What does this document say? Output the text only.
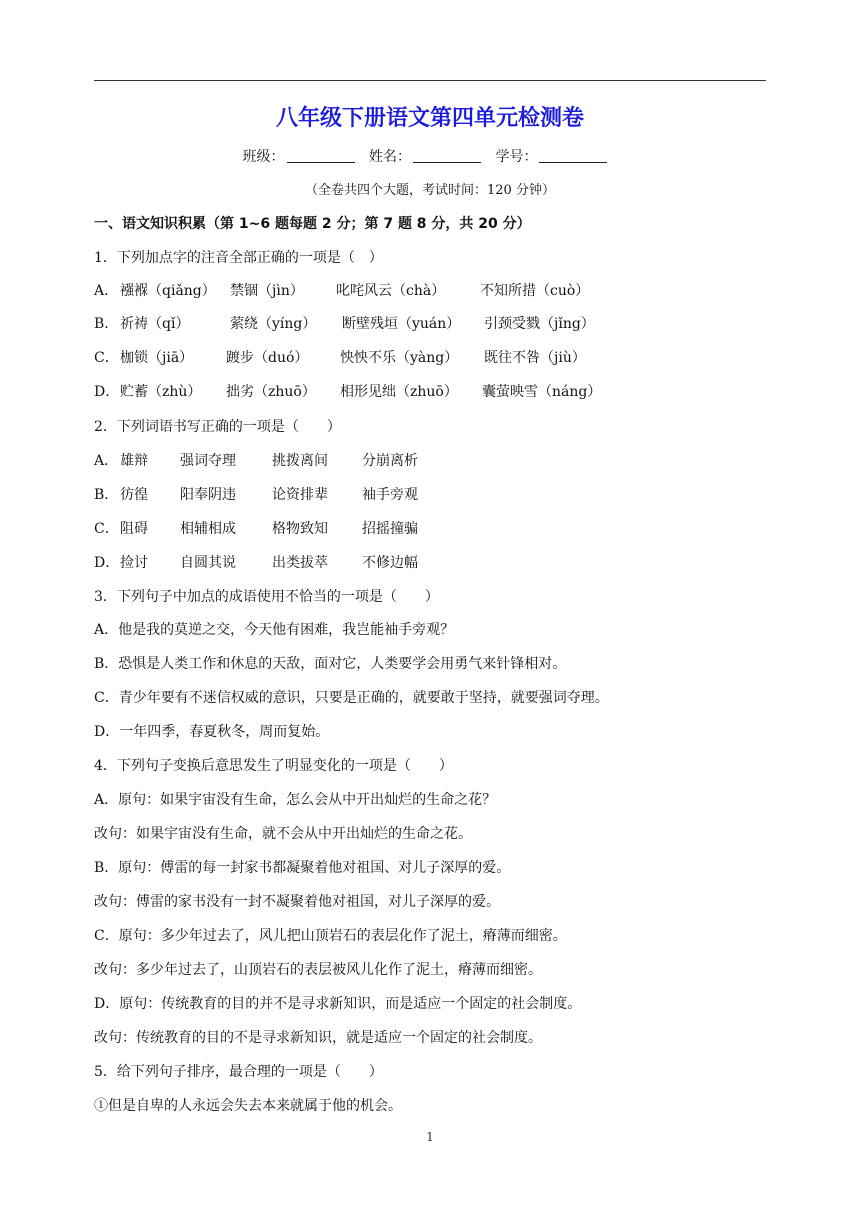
八年级下册语文第四单元检测卷
班级：	姓名：	学号：
（全卷共四个大题，考试时间：120 分钟）
一、语文知识积累（第 1~6 题每题 2 分；第 7 题 8 分，共 20 分）
1．下列加点字的注音全部正确的一项是（　）
A． 襁褓（qiǎng） 禁锢（jìn） 叱咤风云（chà） 不知所措（cuò）
B． 祈祷（qǐ）	萦绕（yíng） 断壁残垣（yuán） 引颈受戮（jǐng）
C． 枷锁（jiā） 踱步（duó） 怏怏不乐（yàng） 既往不咎（jiù）
D． 贮蓄（zhù） 拙劣（zhuō） 相形见绌（zhuō） 囊萤映雪（náng）
2．下列词语书写正确的一项是（　　）
A． 雄辩 强词夺理	挑拨离间 分崩离析
B． 彷徨 阳奉阴违	论资排辈 袖手旁观
C． 阻碍 相辅相成	格物致知 招摇撞骗
D． 捡讨 自圆其说	出类拔萃 不修边幅
3．下列句子中加点的成语使用不恰当的一项是（　　）
A．他是我的莫逆之交，今天他有困难，我岂能袖手旁观？
B．恐惧是人类工作和休息的天敌，面对它，人类要学会用勇气来针锋相对。
C．青少年要有不迷信权威的意识，只要是正确的，就要敢于坚持，就要强词夺理。
D．一年四季，春夏秋冬，周而复始。
4．下列句子变换后意思发生了明显变化的一项是（　　）
A．原句：如果宇宙没有生命，怎么会从中开出灿烂的生命之花？
改句：如果宇宙没有生命，就不会从中开出灿烂的生命之花。
B．原句：傅雷的每一封家书都凝聚着他对祖国、对儿子深厚的爱。
改句：傅雷的家书没有一封不凝聚着他对祖国，对儿子深厚的爱。
C．原句：多少年过去了，风儿把山顶岩石的表层化作了泥土，瘠薄而细密。
改句：多少年过去了，山顶岩石的表层被风儿化作了泥土，瘠薄而细密。
D．原句：传统教育的目的并不是寻求新知识，而是适应一个固定的社会制度。
改句：传统教育的目的不是寻求新知识，就是适应一个固定的社会制度。
5．给下列句子排序，最合理的一项是（　　）
①但是自卑的人永远会失去本来就属于他的机会。
1
